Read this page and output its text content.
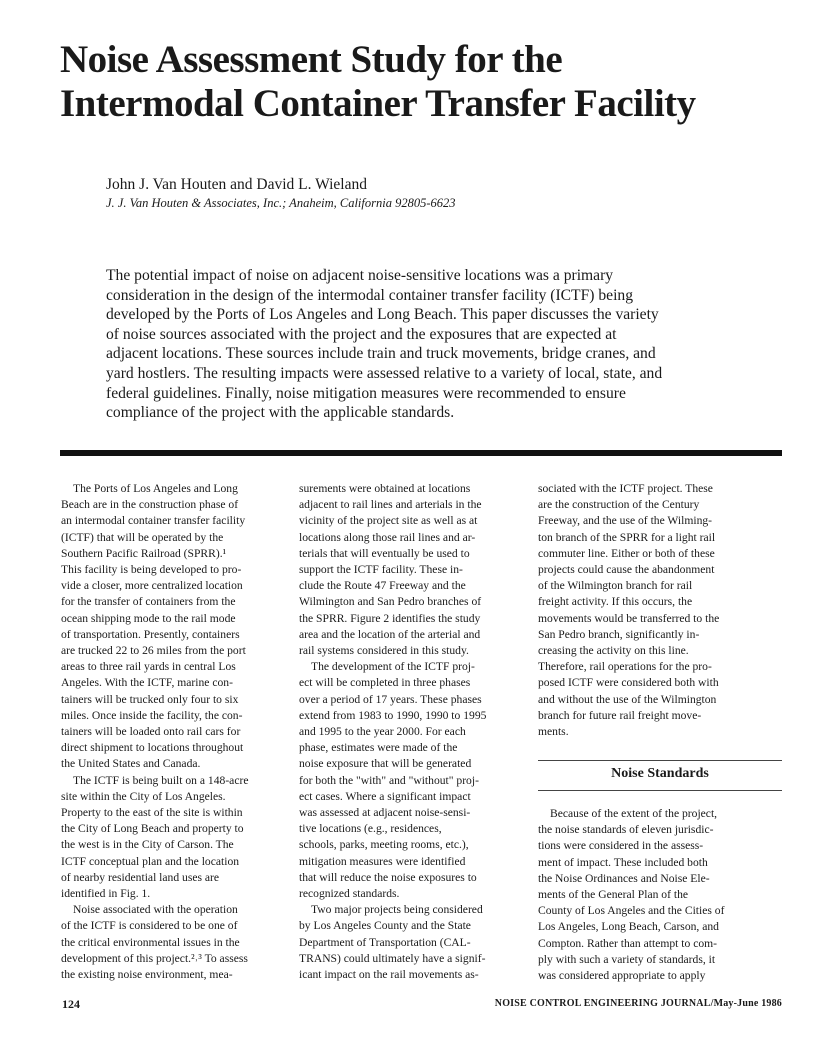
Noise Assessment Study for the
Intermodal Container Transfer Facility
John J. Van Houten and David L. Wieland
J. J. Van Houten & Associates, Inc.; Anaheim, California 92805-6623
The potential impact of noise on adjacent noise-sensitive locations was a primary
consideration in the design of the intermodal container transfer facility (ICTF) being
developed by the Ports of Los Angeles and Long Beach. This paper discusses the variety
of noise sources associated with the project and the exposures that are expected at
adjacent locations. These sources include train and truck movements, bridge cranes, and
yard hostlers. The resulting impacts were assessed relative to a variety of local, state, and
federal guidelines. Finally, noise mitigation measures were recommended to ensure
compliance of the project with the applicable standards.
The Ports of Los Angeles and Long
Beach are in the construction phase of
an intermodal container transfer facility
(ICTF) that will be operated by the
Southern Pacific Railroad (SPRR).¹
This facility is being developed to pro-
vide a closer, more centralized location
for the transfer of containers from the
ocean shipping mode to the rail mode
of transportation. Presently, containers
are trucked 22 to 26 miles from the port
areas to three rail yards in central Los
Angeles. With the ICTF, marine con-
tainers will be trucked only four to six
miles. Once inside the facility, the con-
tainers will be loaded onto rail cars for
direct shipment to locations throughout
the United States and Canada.
The ICTF is being built on a 148-acre
site within the City of Los Angeles.
Property to the east of the site is within
the City of Long Beach and property to
the west is in the City of Carson. The
ICTF conceptual plan and the location
of nearby residential land uses are
identified in Fig. 1.
Noise associated with the operation
of the ICTF is considered to be one of
the critical environmental issues in the
development of this project.²˒³ To assess
the existing noise environment, mea-
surements were obtained at locations
adjacent to rail lines and arterials in the
vicinity of the project site as well as at
locations along those rail lines and ar-
terials that will eventually be used to
support the ICTF facility. These in-
clude the Route 47 Freeway and the
Wilmington and San Pedro branches of
the SPRR. Figure 2 identifies the study
area and the location of the arterial and
rail systems considered in this study.
The development of the ICTF proj-
ect will be completed in three phases
over a period of 17 years. These phases
extend from 1983 to 1990, 1990 to 1995
and 1995 to the year 2000. For each
phase, estimates were made of the
noise exposure that will be generated
for both the "with" and "without" proj-
ect cases. Where a significant impact
was assessed at adjacent noise-sensi-
tive locations (e.g., residences,
schools, parks, meeting rooms, etc.),
mitigation measures were identified
that will reduce the noise exposures to
recognized standards.
Two major projects being considered
by Los Angeles County and the State
Department of Transportation (CAL-
TRANS) could ultimately have a signif-
icant impact on the rail movements as-
sociated with the ICTF project. These
are the construction of the Century
Freeway, and the use of the Wilming-
ton branch of the SPRR for a light rail
commuter line. Either or both of these
projects could cause the abandonment
of the Wilmington branch for rail
freight activity. If this occurs, the
movements would be transferred to the
San Pedro branch, significantly in-
creasing the activity on this line.
Therefore, rail operations for the pro-
posed ICTF were considered both with
and without the use of the Wilmington
branch for future rail freight move-
ments.
Noise Standards
Because of the extent of the project,
the noise standards of eleven jurisdic-
tions were considered in the assess-
ment of impact. These included both
the Noise Ordinances and Noise Ele-
ments of the General Plan of the
County of Los Angeles and the Cities of
Los Angeles, Long Beach, Carson, and
Compton. Rather than attempt to com-
ply with such a variety of standards, it
was considered appropriate to apply
124	NOISE CONTROL ENGINEERING JOURNAL/May-June 1986
